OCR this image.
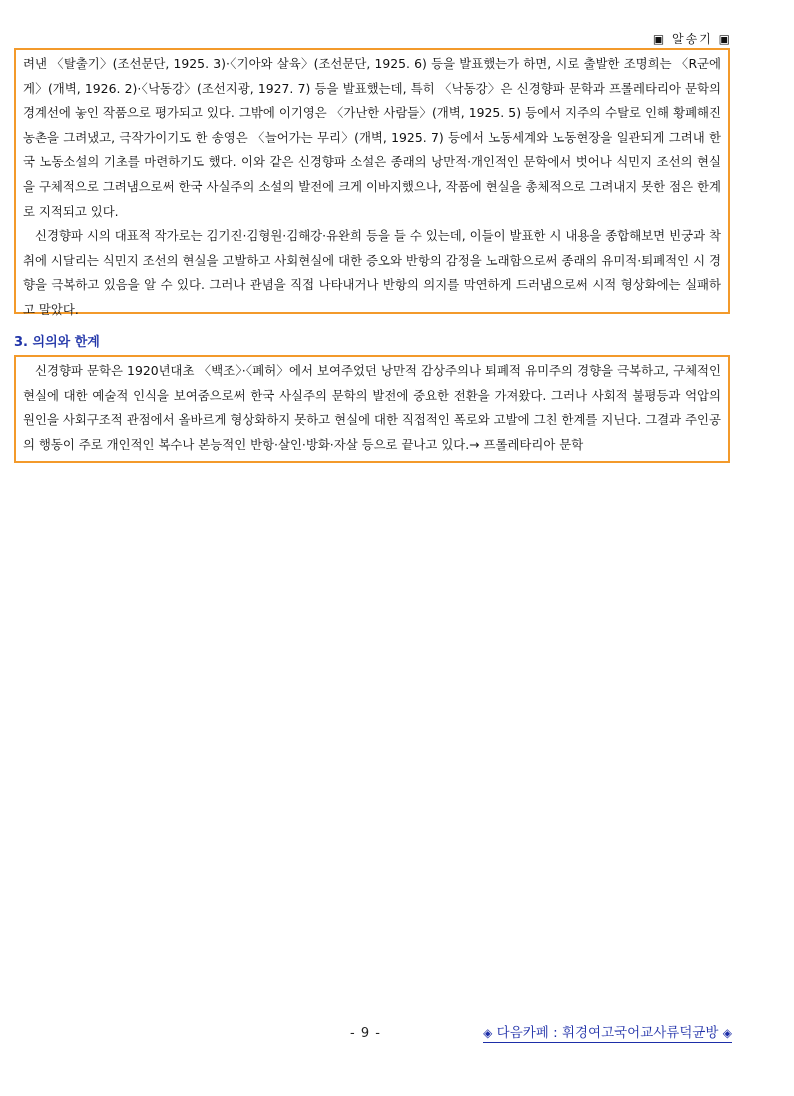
▣ 알송기 ▣

려낸 〈탈출기〉(조선문단, 1925. 3)·〈기아와 살육〉(조선문단, 1925. 6) 등을 발표했는가 하면, 시로 출발한 조명희는 〈R군에게〉(개벽, 1926. 2)·〈낙동강〉(조선지광, 1927. 7) 등을 발표했는데, 특히 〈낙동강〉은 신경향파 문학과 프롤레타리아 문학의 경계선에 놓인 작품으로 평가되고 있다. 그밖에 이기영은 〈가난한 사람들〉(개벽, 1925. 5) 등에서 지주의 수탈로 인해 황폐해진 농촌을 그려냈고, 극작가이기도 한 송영은 〈늘어가는 무리〉(개벽, 1925. 7) 등에서 노동세계와 노동현장을 일관되게 그려내 한국 노동소설의 기초를 마련하기도 했다. 이와 같은 신경향파 소설은 종래의 낭만적·개인적인 문학에서 벗어나 식민지 조선의 현실을 구체적으로 그려냄으로써 한국 사실주의 소설의 발전에 크게 이바지했으나, 작품에 현실을 총체적으로 그려내지 못한 점은 한계로 지적되고 있다.

신경향파 시의 대표적 작가로는 김기진·김형원·김해강·유완희 등을 들 수 있는데, 이들이 발표한 시 내용을 종합해보면 빈궁과 착취에 시달리는 식민지 조선의 현실을 고발하고 사회현실에 대한 증오와 반항의 감정을 노래함으로써 종래의 유미적·퇴폐적인 시 경향을 극복하고 있음을 알 수 있다. 그러나 관념을 직접 나타내거나 반항의 의지를 막연하게 드러냄으로써 시적 형상화에는 실패하고 말았다.

3. 의의와 한계

신경향파 문학은 1920년대초 〈백조〉·〈폐허〉에서 보여주었던 낭만적 감상주의나 퇴폐적 유미주의 경향을 극복하고, 구체적인 현실에 대한 예술적 인식을 보여줌으로써 한국 사실주의 문학의 발전에 중요한 전환을 가져왔다. 그러나 사회적 불평등과 억압의 원인을 사회구조적 관점에서 올바르게 형상화하지 못하고 현실에 대한 직접적인 폭로와 고발에 그친 한계를 지닌다. 그결과 주인공의 행동이 주로 개인적인 복수나 본능적인 반항·살인·방화·자살 등으로 끝나고 있다.→ 프롤레타리아 문학

- 9 -	◈ 다음카페 : 휘경여고국어교사류덕균방 ◈
